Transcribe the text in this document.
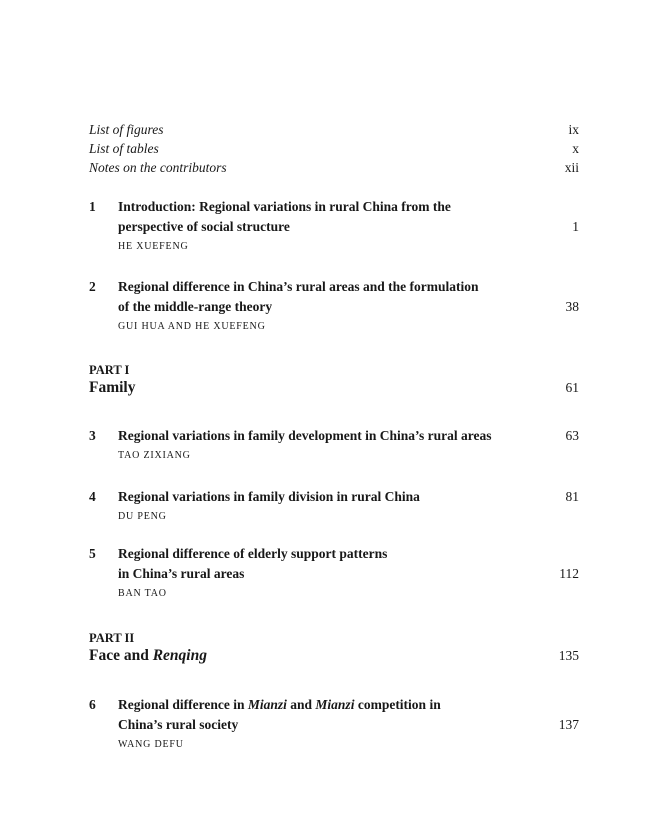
List of figures	ix
List of tables	x
Notes on the contributors	xii
1	Introduction: Regional variations in rural China from the
perspective of social structure	1
HE XUEFENG
2	Regional difference in China’s rural areas and the formulation
of the middle-range theory	38
GUI HUA AND HE XUEFENG
PART I
Family	61
3	Regional variations in family development in China’s rural areas	63
TAO ZIXIANG
4	Regional variations in family division in rural China	81
DU PENG
5	Regional difference of elderly support patterns
in China’s rural areas	112
BAN TAO
PART II
Face and Renqing	135
6	Regional difference in Mianzi and Mianzi competition in
China’s rural society	137
WANG DEFU
